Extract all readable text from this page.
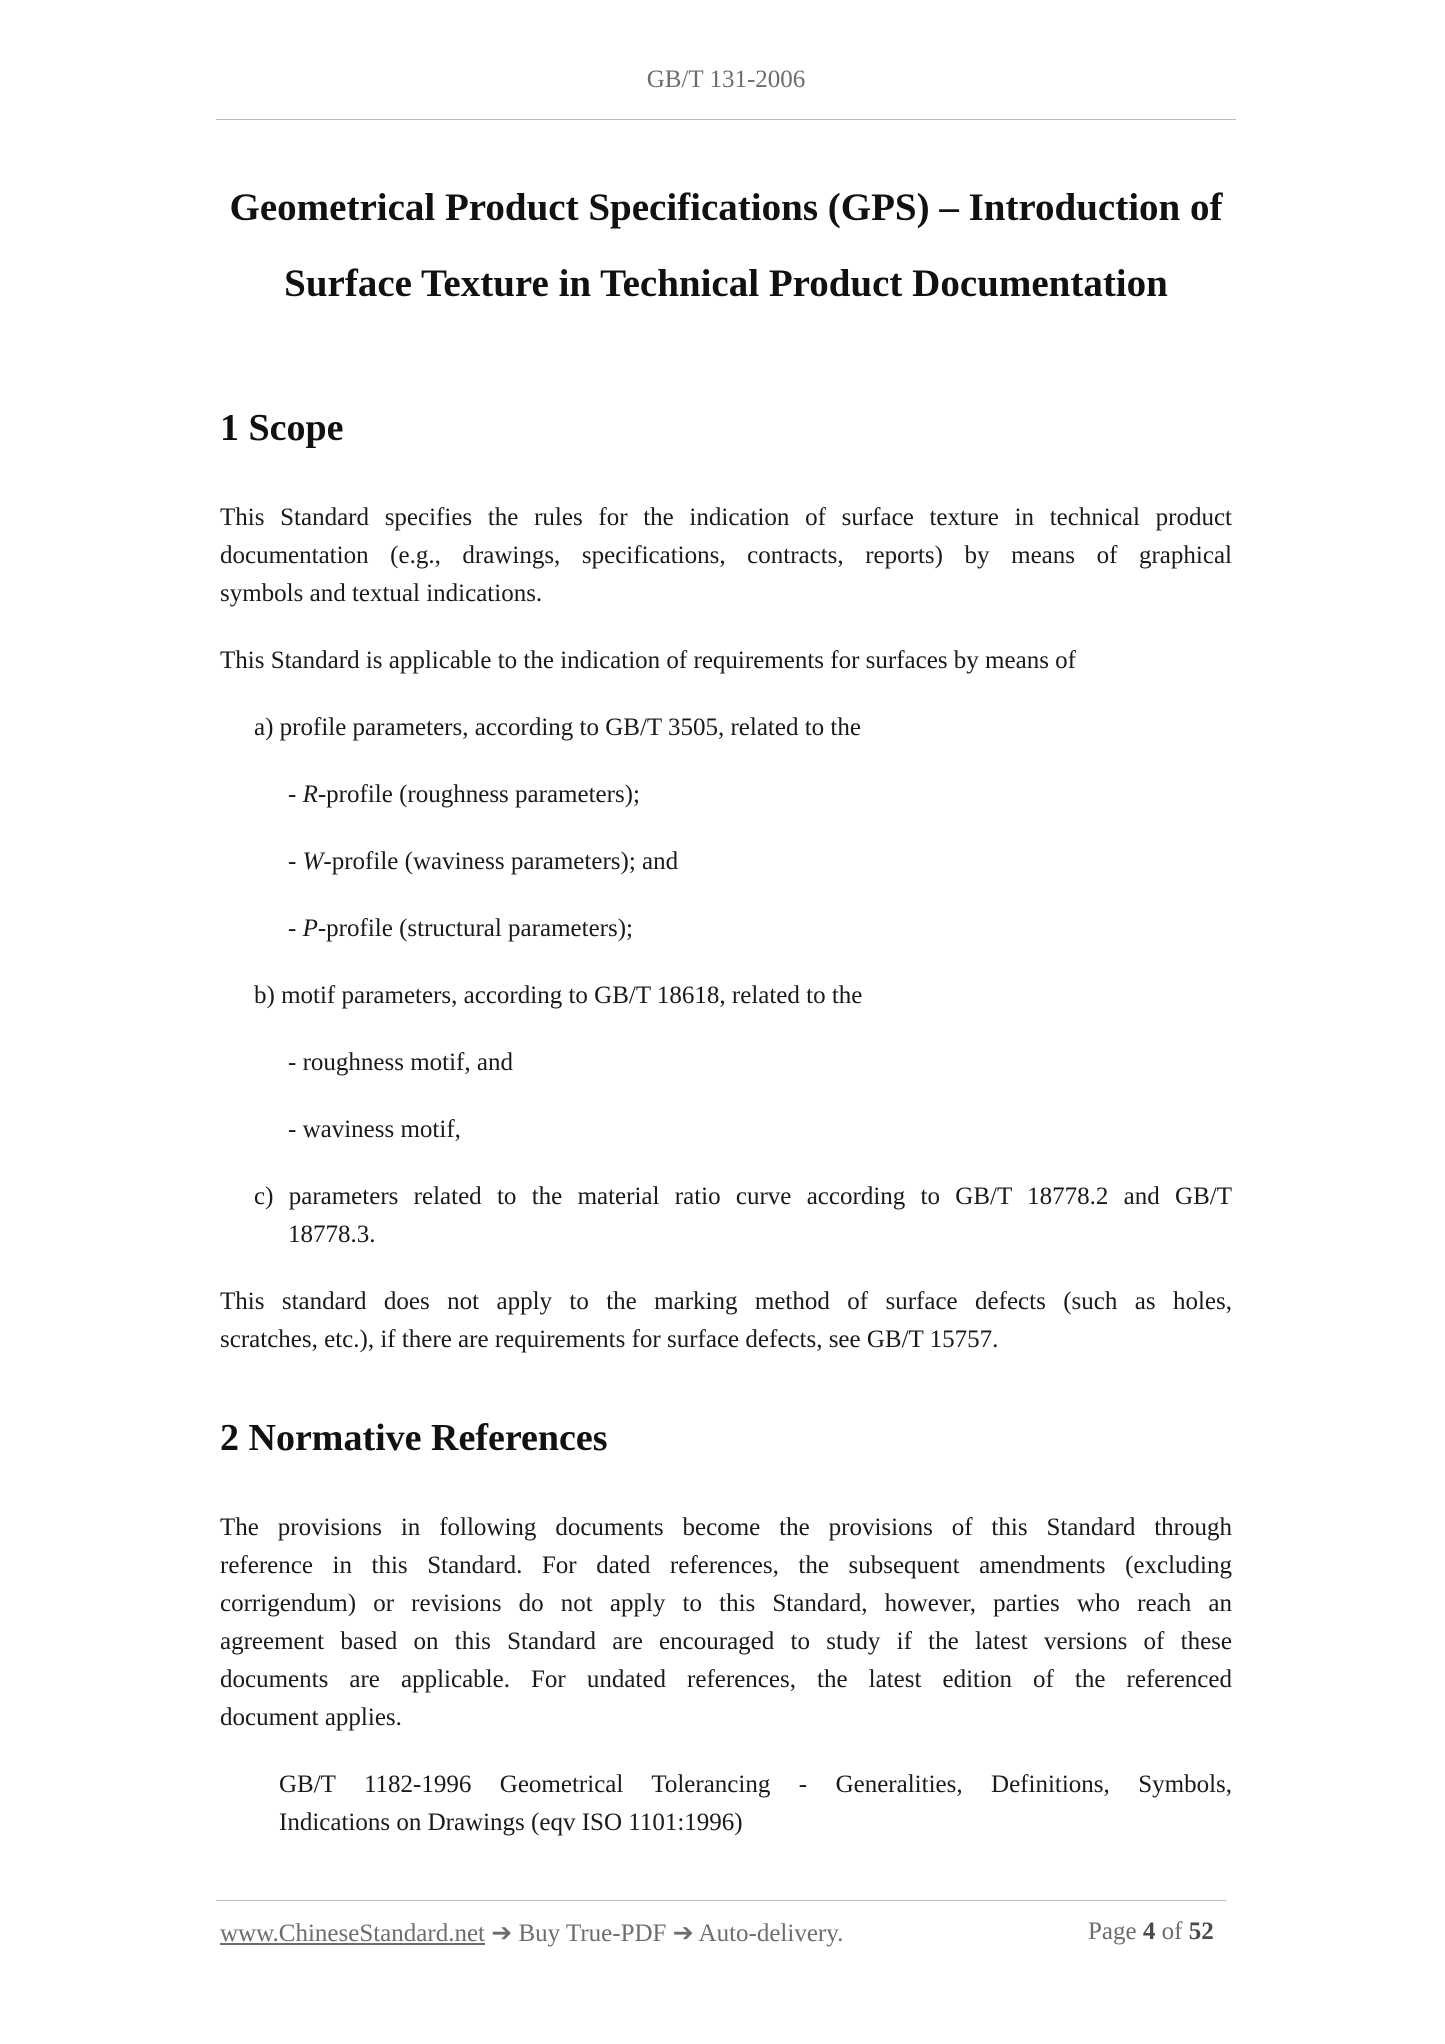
GB/T 131-2006
Geometrical Product Specifications (GPS) – Introduction of
Surface Texture in Technical Product Documentation
1 Scope
This Standard specifies the rules for the indication of surface texture in technical product
documentation (e.g., drawings, specifications, contracts, reports) by means of graphical
symbols and textual indications.
This Standard is applicable to the indication of requirements for surfaces by means of
a) profile parameters, according to GB/T 3505, related to the
- R-profile (roughness parameters);
- W-profile (waviness parameters); and
- P-profile (structural parameters);
b) motif parameters, according to GB/T 18618, related to the
- roughness motif, and
- waviness motif,
c) parameters related to the material ratio curve according to GB/T 18778.2 and GB/T
18778.3.
This standard does not apply to the marking method of surface defects (such as holes,
scratches, etc.), if there are requirements for surface defects, see GB/T 15757.
2 Normative References
The provisions in following documents become the provisions of this Standard through
reference in this Standard. For dated references, the subsequent amendments (excluding
corrigendum) or revisions do not apply to this Standard, however, parties who reach an
agreement based on this Standard are encouraged to study if the latest versions of these
documents are applicable. For undated references, the latest edition of the referenced
document applies.
GB/T 1182-1996 Geometrical Tolerancing - Generalities, Definitions, Symbols,
Indications on Drawings (eqv ISO 1101:1996)
www.ChineseStandard.net ➔ Buy True-PDF ➔ Auto-delivery.	Page 4 of 52
